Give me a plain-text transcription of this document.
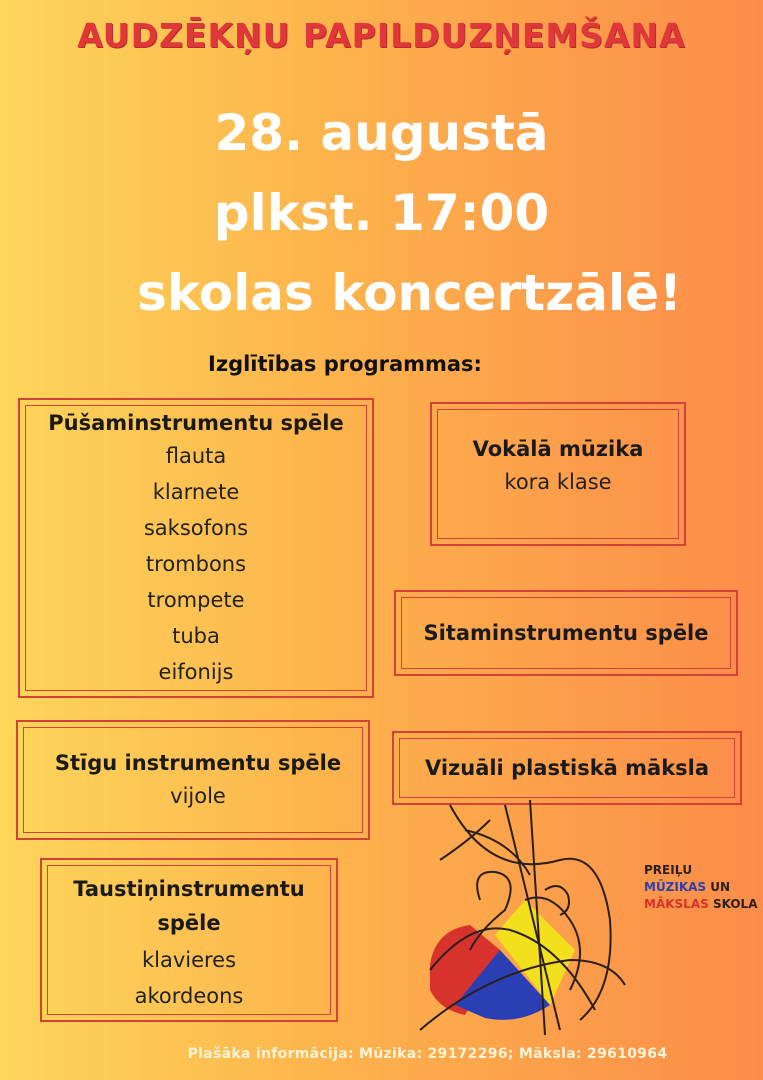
AUDZĒKŅU PAPILDUZŅEMŠANA
28. augustā
plkst. 17:00
skolas koncertzālē!
Izglītības programmas:
Pūšaminstrumentu spēle
flauta
klarnete
saksofons
trombons
trompete
tuba
eifonijs
Vokālā mūzika
kora klase
Sitaminstrumentu spēle
Stīgu instrumentu spēle
vijole
Vizuāli plastiskā māksla
Taustiņinstrumentu
spēle
klavieres
akordeons
PREIĻU
MŪZIKAS UN
MĀKSLAS SKOLA
Plašāka informācija: Mūzika: 29172296; Māksla: 29610964
